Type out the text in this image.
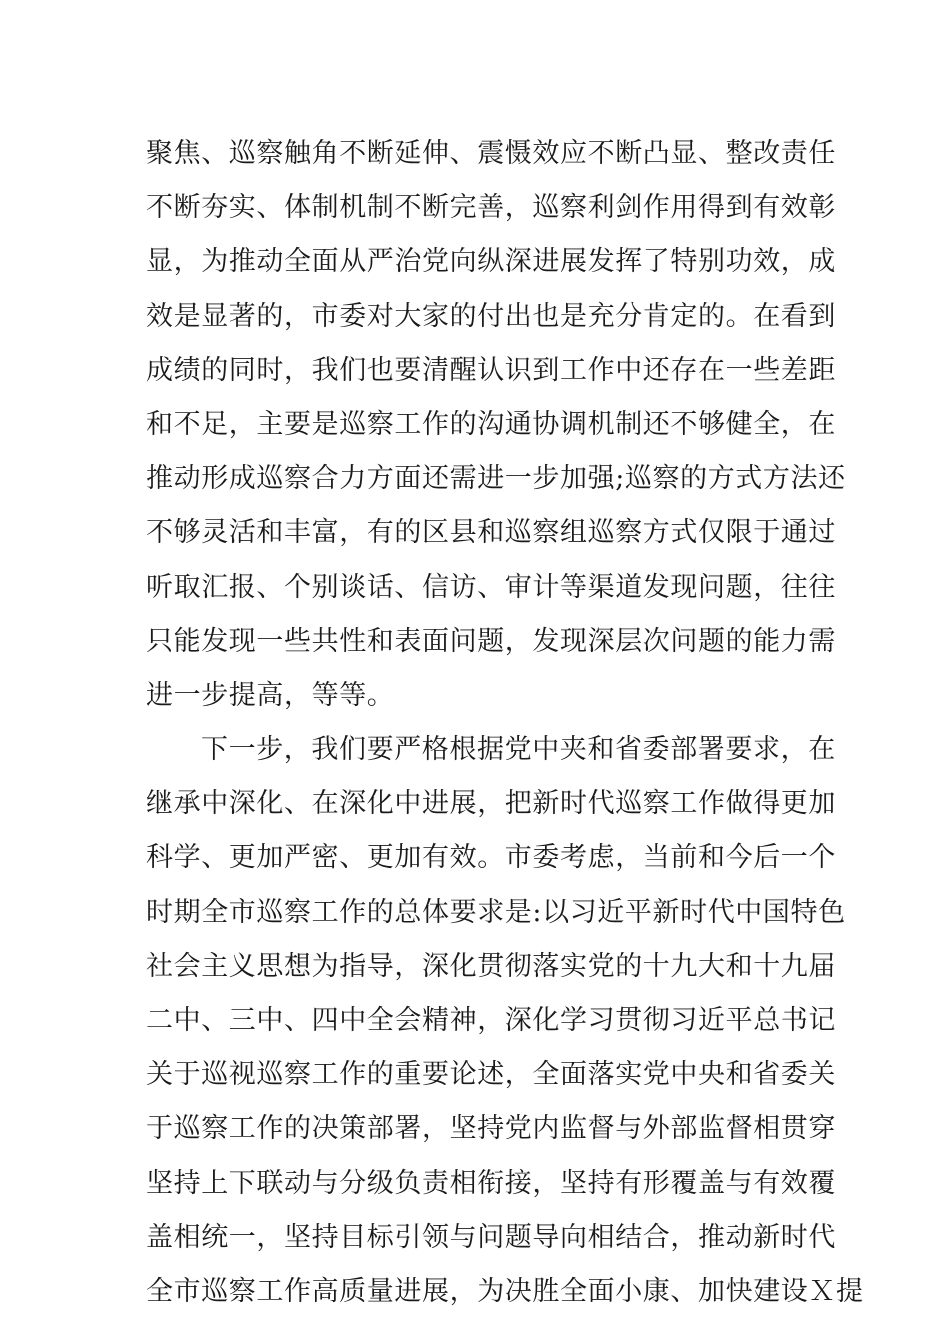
聚焦、巡察触角不断延伸、震慑效应不断凸显、整改责任
不断夯实、体制机制不断完善，巡察利剑作用得到有效彰
显，为推动全面从严治党向纵深进展发挥了特别功效，成
效是显著的，市委对大家的付出也是充分肯定的。在看到
成绩的同时，我们也要清醒认识到工作中还存在一些差距
和不足，主要是巡察工作的沟通协调机制还不够健全，在
推动形成巡察合力方面还需进一步加强;巡察的方式方法还
不够灵活和丰富，有的区县和巡察组巡察方式仅限于通过
听取汇报、个别谈话、信访、审计等渠道发现问题，往往
只能发现一些共性和表面问题，发现深层次问题的能力需
进一步提高，等等。
下一步，我们要严格根据党中夹和省委部署要求，在
继承中深化、在深化中进展，把新时代巡察工作做得更加
科学、更加严密、更加有效。市委考虑，当前和今后一个
时期全市巡察工作的总体要求是:以习近平新时代中国特色
社会主义思想为指导，深化贯彻落实党的十九大和十九届
二中、三中、四中全会精神，深化学习贯彻习近平总书记
关于巡视巡察工作的重要论述，全面落实党中央和省委关
于巡察工作的决策部署，坚持党内监督与外部监督相贯穿
坚持上下联动与分级负责相衔接，坚持有形覆盖与有效覆
盖相统一，坚持目标引领与问题导向相结合，推动新时代
全市巡察工作高质量进展，为决胜全面小康、加快建设Ｘ提
